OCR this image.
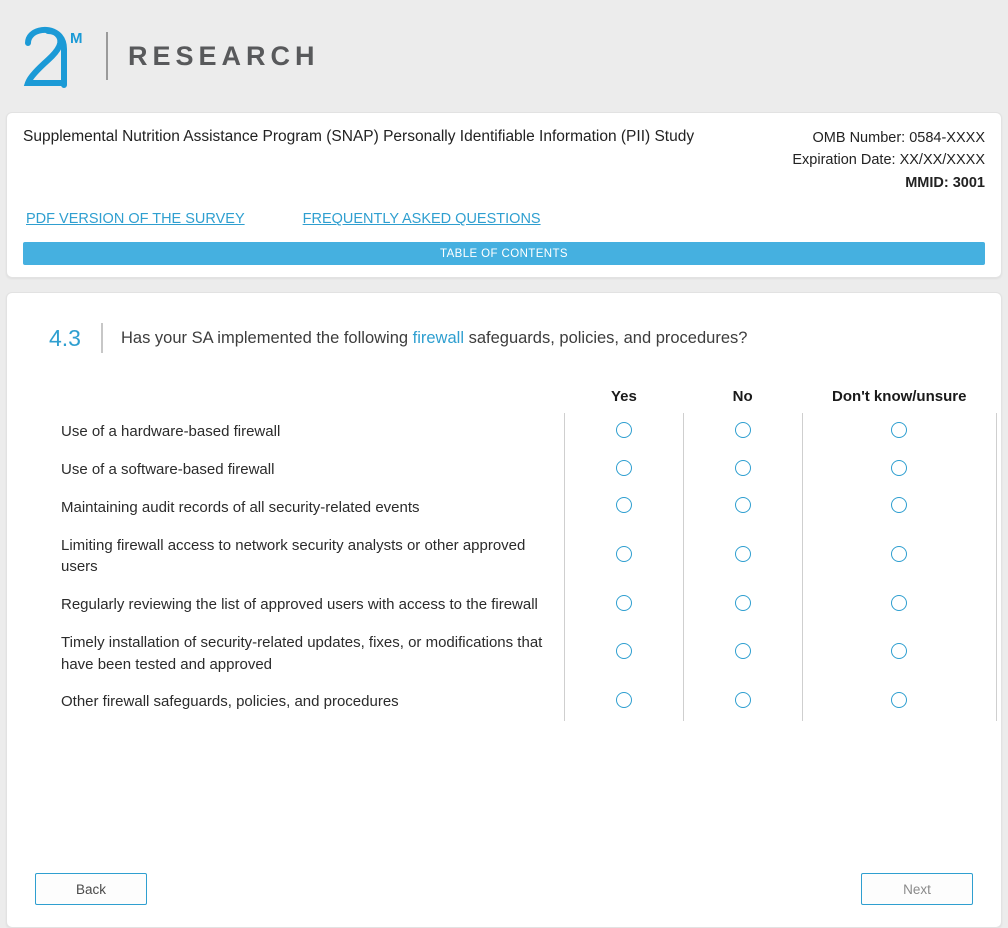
M
RESEARCH
Supplemental Nutrition Assistance Program (SNAP) Personally Identifiable Information (PII) Study	OMB Number: 0584-XXXX
Expiration Date: XX/XX/XXXX
MMID: 3001
PDF VERSION OF THE SURVEY	FREQUENTLY ASKED QUESTIONS
TABLE OF CONTENTS
4.3 Has your SA implemented the following firewall safeguards, policies, and procedures?
	Yes	No	Don't know/unsure
Use of a hardware-based firewall			
Use of a software-based firewall			
Maintaining audit records of all security-related events			
Limiting firewall access to network security analysts or other approved users			
Regularly reviewing the list of approved users with access to the firewall			
Timely installation of security-related updates, fixes, or modifications that have been tested and approved			
Other firewall safeguards, policies, and procedures			
Back	Next
